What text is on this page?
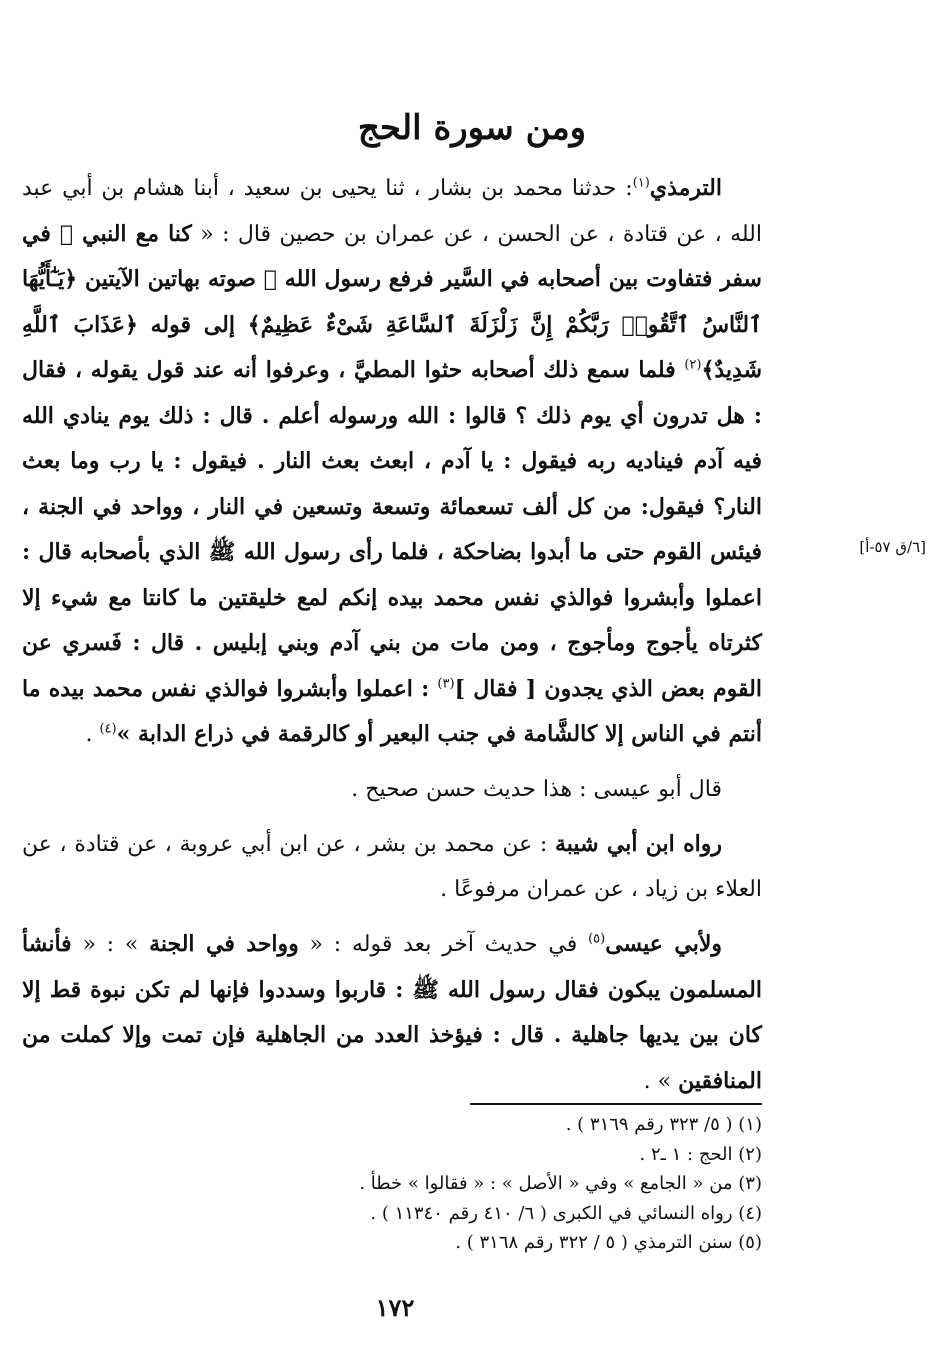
ومن سورة الحج

الترمذي$^{(١)}$: حدثنا محمد بن بشار ، ثنا يحيى بن سعيد ، أبنا هشام بن أبي عبد الله ، عن قتادة ، عن الحسن ، عن عمران بن حصين قال : « كنا مع النبي ﷺ في سفر فتفاوت بين أصحابه في السَّير فرفع رسول الله ﷺ صوته بهاتين الآيتين ﴿يَـٰٓأَيُّهَا ٱلنَّاسُ ٱتَّقُوا۟ رَبَّكُمْ إِنَّ زَلْزَلَةَ ٱلسَّاعَةِ شَىْءٌ عَظِيمٌ﴾ إلى قوله ﴿عَذَابَ ٱللَّهِ شَدِيدٌ﴾$^{(٢)}$ فلما سمع ذلك أصحابه حثوا المطيَّ ، وعرفوا أنه عند قول يقوله ، فقال : هل تدرون أي يوم ذلك ؟ قالوا : الله ورسوله أعلم . قال : ذلك يوم ينادي الله فيه آدم فيناديه ربه فيقول : يا آدم ، ابعث بعث النار . فيقول : يا رب وما بعث النار؟ فيقول: من كل ألف تسعمائة وتسعة وتسعين في النار ، وواحد في الجنة ، فيئس القوم حتى ما أبدوا بضاحكة ، فلما رأى رسول الله ﷺ الذي بأصحابه قال : اعملوا وأبشروا فوالذي نفس محمد بيده إنكم لمع خليقتين ما كانتا مع شيء إلا كثرتاه يأجوج ومأجوج ، ومن مات من بني آدم وبني إبليس . قال : فَسري عن القوم بعض الذي يجدون [ فقال ]$^{(٣)}$ : اعملوا وأبشروا فوالذي نفس محمد بيده ما أنتم في الناس إلا كالشَّامة في جنب البعير أو كالرقمة في ذراع الدابة »$^{(٤)}$ .

قال أبو عيسى : هذا حديث حسن صحيح .

رواه ابن أبي شيبة : عن محمد بن بشر ، عن ابن أبي عروبة ، عن قتادة ، عن العلاء بن زياد ، عن عمران مرفوعًا .

ولأبي عيسى$^{(٥)}$ في حديث آخر بعد قوله : « وواحد في الجنة » : « فأنشأ المسلمون يبكون فقال رسول الله ﷺ : قاربوا وسددوا فإنها لم تكن نبوة قط إلا كان بين يديها جاهلية . قال : فيؤخذ العدد من الجاهلية فإن تمت وإلا كملت من المنافقين » .

[٦/ق ٥٧-أ]

(١) ( ٥/ ٣٢٣ رقم ٣١٦٩ ) .

(٢) الحج : ١ ـ٢ .

(٣) من « الجامع » وفي « الأصل » : « فقالوا » خطأ .

(٤) رواه النسائي في الكبرى ( ٦/ ٤١٠ رقم ١١٣٤٠ ) .

(٥) سنن الترمذي ( ٥ / ٣٢٢ رقم ٣١٦٨ ) .

١٧٢
